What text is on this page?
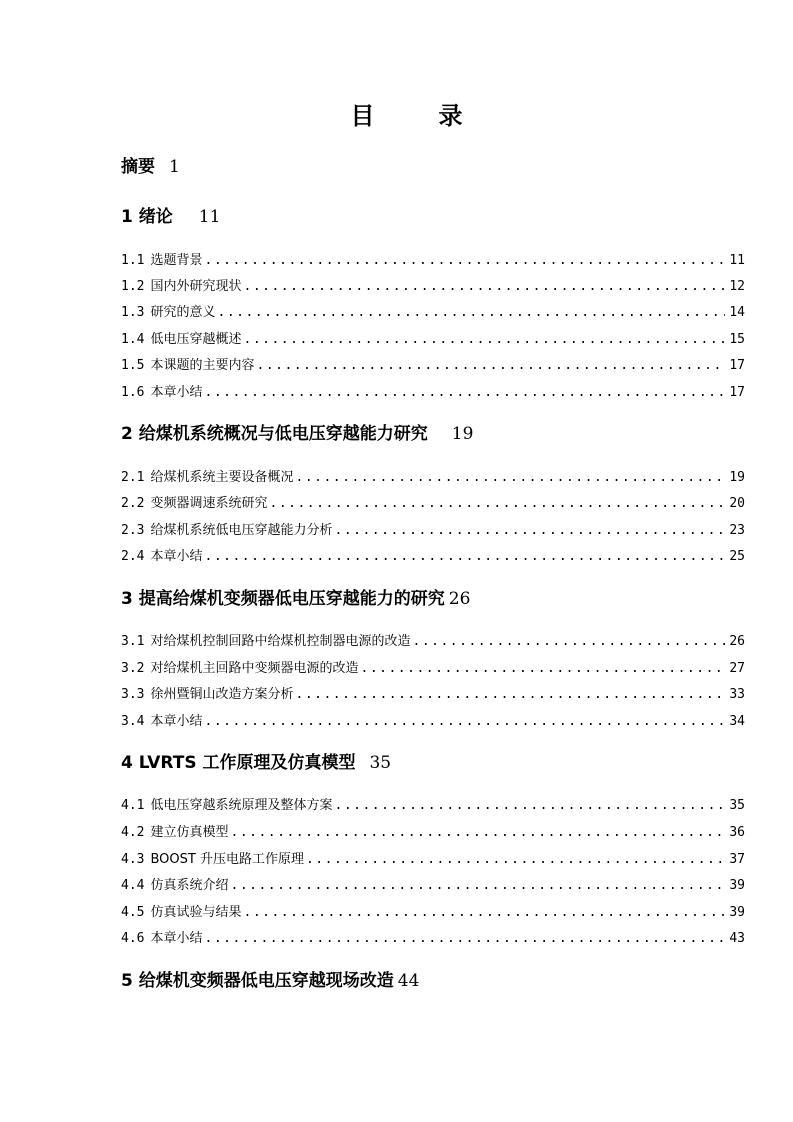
目　录
摘要 1
1 绪论 11
1.1 选题背景 .....	11
1.2 国内外研究现状 .....	12
1.3 研究的意义 .....	14
1.4 低电压穿越概述 .....	15
1.5 本课题的主要内容 .....	17
1.6 本章小结 .....	17
2 给煤机系统概况与低电压穿越能力研究 19
2.1 给煤机系统主要设备概况 .....	19
2.2 变频器调速系统研究 .....	20
2.3 给煤机系统低电压穿越能力分析 .....	23
2.4 本章小结 .....	25
3 提高给煤机变频器低电压穿越能力的研究 26
3.1 对给煤机控制回路中给煤机控制器电源的改造 .....	26
3.2 对给煤机主回路中变频器电源的改造 .....	27
3.3 徐州暨铜山改造方案分析 .....	33
3.4 本章小结 .....	34
4 LVRTS 工作原理及仿真模型 35
4.1 低电压穿越系统原理及整体方案 .....	35
4.2 建立仿真模型 .....	36
4.3 BOOST 升压电路工作原理 .....	37
4.4 仿真系统介绍 .....	39
4.5 仿真试验与结果 .....	39
4.6 本章小结 .....	43
5 给煤机变频器低电压穿越现场改造 44
